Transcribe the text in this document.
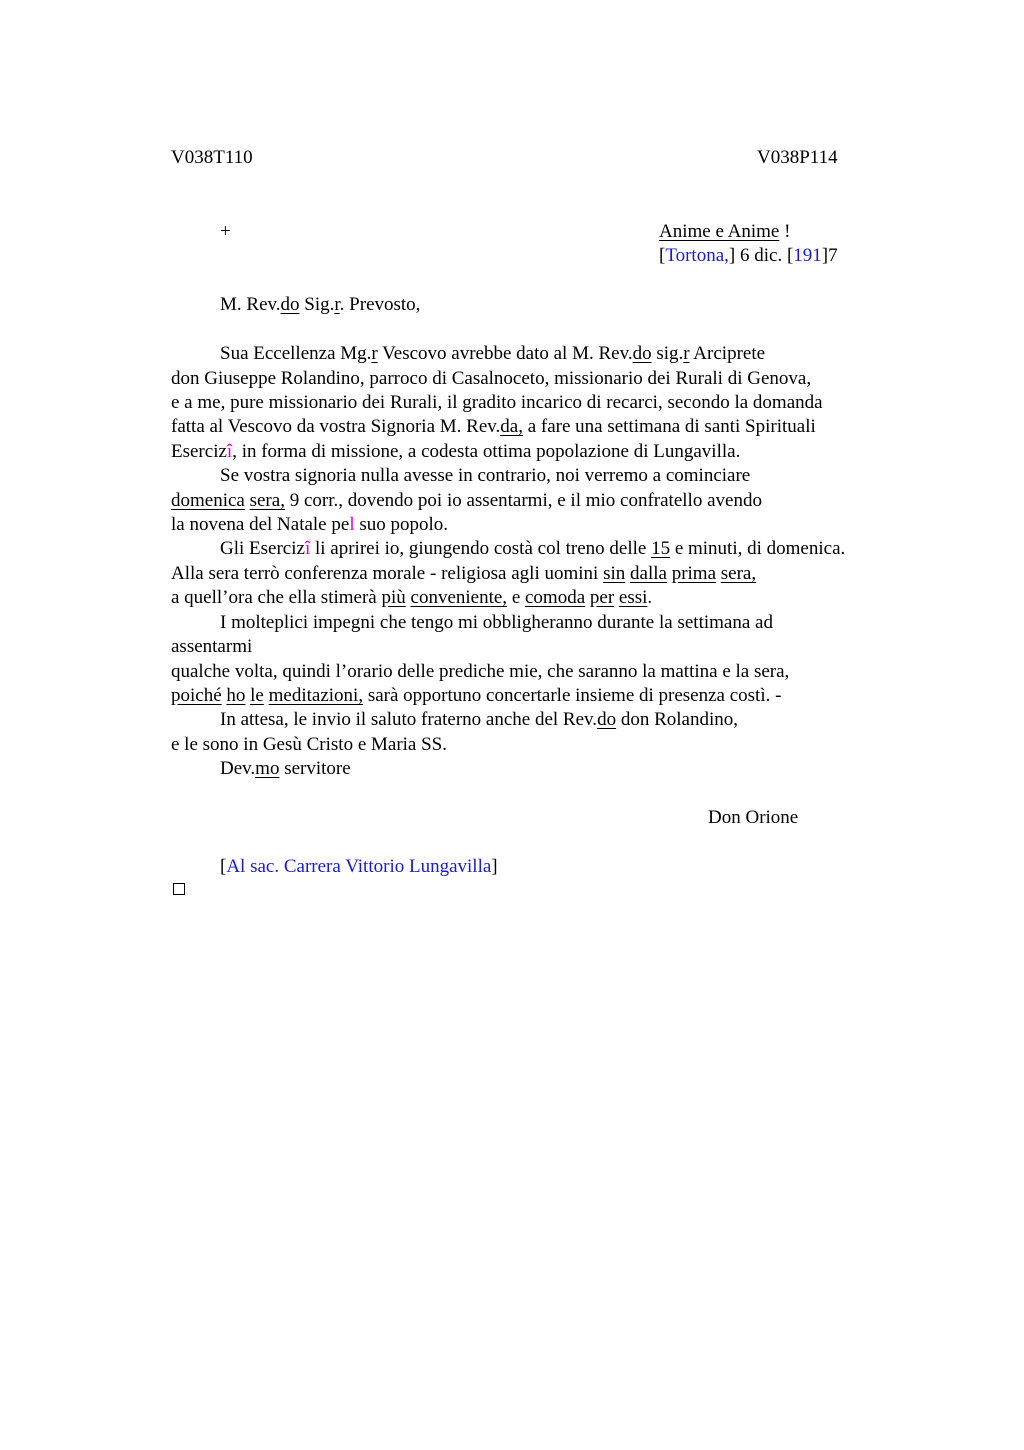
V038T110	V038P114
+	Anime e Anime !
[Tortona,] 6 dic. [191]7
M. Rev.do Sig.r. Prevosto,
Sua Eccellenza Mg.r Vescovo avrebbe dato al M. Rev.do sig.r Arciprete
don Giuseppe Rolandino, parroco di Casalnoceto, missionario dei Rurali di Genova,
e a me, pure missionario dei Rurali, il gradito incarico di recarci, secondo la domanda
fatta al Vescovo da vostra Signoria M. Rev.da, a fare una settimana di santi Spirituali
Esercizî, in forma di missione, a codesta ottima popolazione di Lungavilla.
Se vostra signoria nulla avesse in contrario, noi verremo a cominciare
domenica sera, 9 corr., dovendo poi io assentarmi, e il mio confratello avendo
la novena del Natale pel suo popolo.
Gli Esercizî li aprirei io, giungendo costà col treno delle 15 e minuti, di domenica.
Alla sera terrò conferenza morale - religiosa agli uomini sin dalla prima sera,
a quell’ora che ella stimerà più conveniente, e comoda per essi.
I molteplici impegni che tengo mi obbligheranno durante la settimana ad
assentarmi
qualche volta, quindi l’orario delle prediche mie, che saranno la mattina e la sera,
poiché ho le meditazioni, sarà opportuno concertarle insieme di presenza costì. -
In attesa, le invio il saluto fraterno anche del Rev.do don Rolandino,
e le sono in Gesù Cristo e Maria SS.
Dev.mo servitore
Don Orione
[Al sac. Carrera Vittorio Lungavilla]
